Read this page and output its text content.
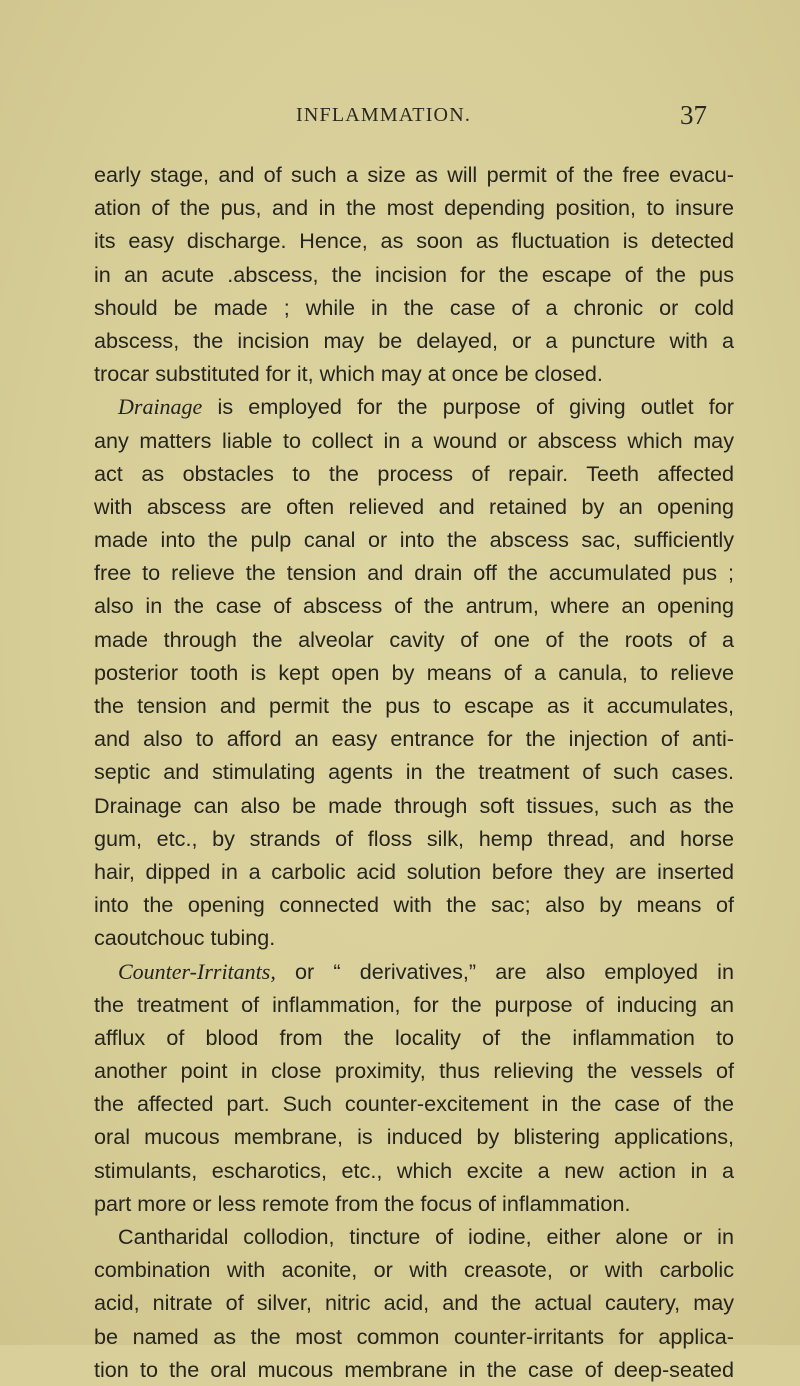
INFLAMMATION.	37
early stage, and of such a size as will permit of the free evacu-
ation of the pus, and in the most depending position, to insure
its easy discharge. Hence, as soon as fluctuation is detected
in an acute .abscess, the incision for the escape of the pus
should be made ; while in the case of a chronic or cold
abscess, the incision may be delayed, or a puncture with a
trocar substituted for it, which may at once be closed.
Drainage is employed for the purpose of giving outlet for
any matters liable to collect in a wound or abscess which may
act as obstacles to the process of repair. Teeth affected
with abscess are often relieved and retained by an opening
made into the pulp canal or into the abscess sac, sufficiently
free to relieve the tension and drain off the accumulated pus ;
also in the case of abscess of the antrum, where an opening
made through the alveolar cavity of one of the roots of a
posterior tooth is kept open by means of a canula, to relieve
the tension and permit the pus to escape as it accumulates,
and also to afford an easy entrance for the injection of anti-
septic and stimulating agents in the treatment of such cases.
Drainage can also be made through soft tissues, such as the
gum, etc., by strands of floss silk, hemp thread, and horse
hair, dipped in a carbolic acid solution before they are inserted
into the opening connected with the sac; also by means of
caoutchouc tubing.
Counter-Irritants, or “ derivatives,” are also employed in
the treatment of inflammation, for the purpose of inducing an
afflux of blood from the locality of the inflammation to
another point in close proximity, thus relieving the vessels of
the affected part. Such counter-excitement in the case of the
oral mucous membrane, is induced by blistering applications,
stimulants, escharotics, etc., which excite a new action in a
part more or less remote from the focus of inflammation.
Cantharidal collodion, tincture of iodine, either alone or in
combination with aconite, or with creasote, or with carbolic
acid, nitrate of silver, nitric acid, and the actual cautery, may
be named as the most common counter-irritants for applica-
tion to the oral mucous membrane in the case of deep-seated
